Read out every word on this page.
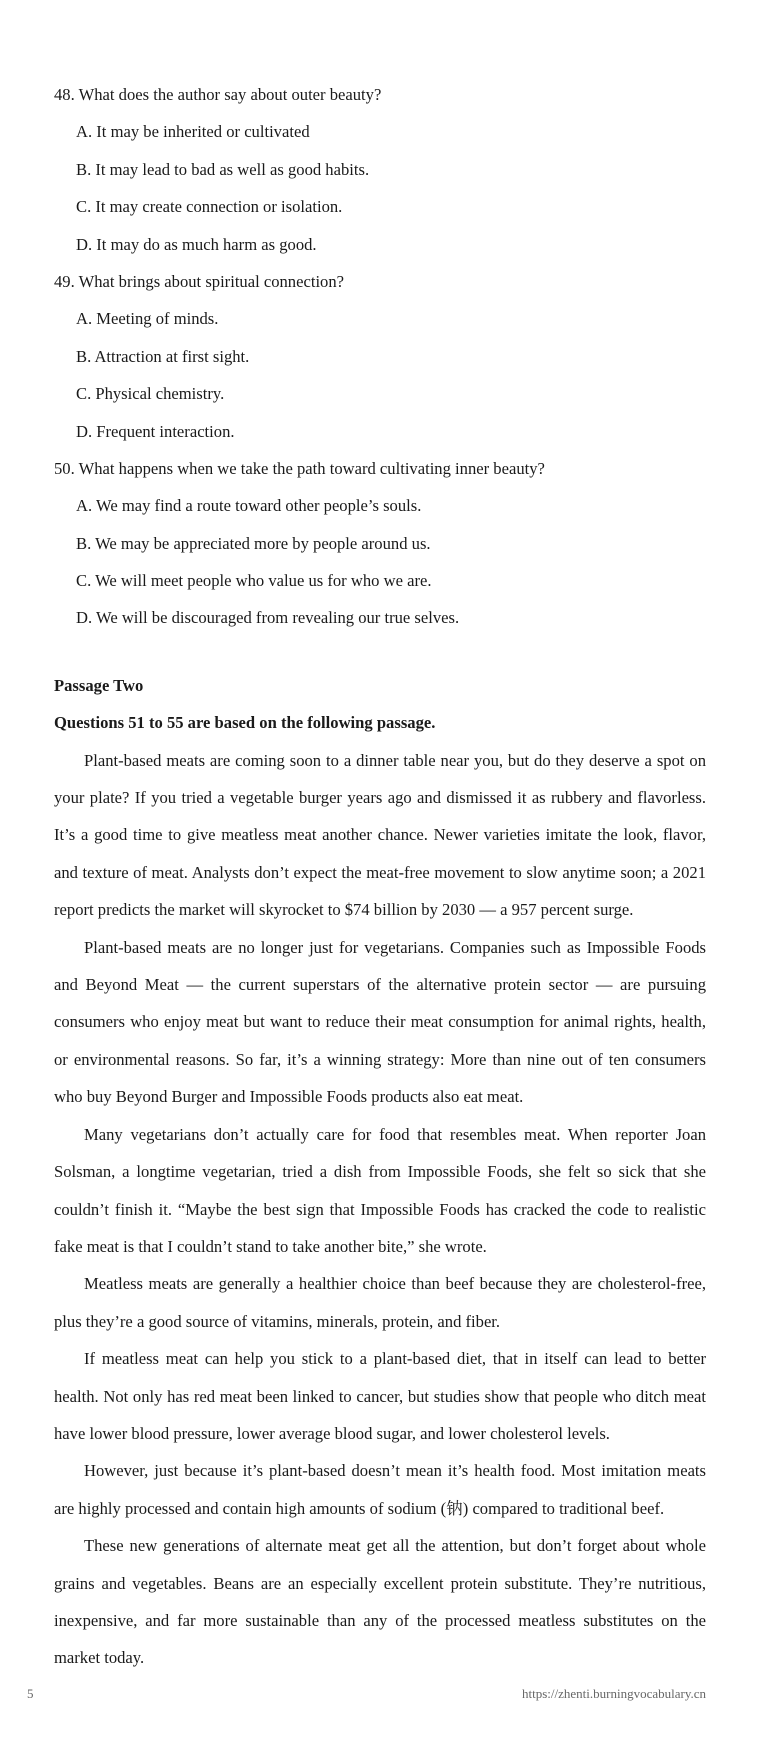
48. What does the author say about outer beauty?
A. It may be inherited or cultivated
B. It may lead to bad as well as good habits.
C. It may create connection or isolation.
D. It may do as much harm as good.
49. What brings about spiritual connection?
A. Meeting of minds.
B. Attraction at first sight.
C. Physical chemistry.
D. Frequent interaction.
50. What happens when we take the path toward cultivating inner beauty?
A. We may find a route toward other people’s souls.
B. We may be appreciated more by people around us.
C. We will meet people who value us for who we are.
D. We will be discouraged from revealing our true selves.
Passage Two
Questions 51 to 55 are based on the following passage.

Plant-based meats are coming soon to a dinner table near you, but do they deserve a spot on your plate? If you tried a vegetable burger years ago and dismissed it as rubbery and flavorless. It’s a good time to give meatless meat another chance. Newer varieties imitate the look, flavor, and texture of meat. Analysts don’t expect the meat-free movement to slow anytime soon; a 2021 report predicts the market will skyrocket to $74 billion by 2030 — a 957 percent surge.

Plant-based meats are no longer just for vegetarians. Companies such as Impossible Foods and Beyond Meat — the current superstars of the alternative protein sector — are pursuing consumers who enjoy meat but want to reduce their meat consumption for animal rights, health, or environmental reasons. So far, it’s a winning strategy: More than nine out of ten consumers who buy Beyond Burger and Impossible Foods products also eat meat.

Many vegetarians don’t actually care for food that resembles meat. When reporter Joan Solsman, a longtime vegetarian, tried a dish from Impossible Foods, she felt so sick that she couldn’t finish it. “Maybe the best sign that Impossible Foods has cracked the code to realistic fake meat is that I couldn’t stand to take another bite,” she wrote.

Meatless meats are generally a healthier choice than beef because they are cholesterol-free, plus they’re a good source of vitamins, minerals, protein, and fiber.

If meatless meat can help you stick to a plant-based diet, that in itself can lead to better health. Not only has red meat been linked to cancer, but studies show that people who ditch meat have lower blood pressure, lower average blood sugar, and lower cholesterol levels.

However, just because it’s plant-based doesn’t mean it’s health food. Most imitation meats are highly processed and contain high amounts of sodium (钠) compared to traditional beef.

These new generations of alternate meat get all the attention, but don’t forget about whole grains and vegetables. Beans are an especially excellent protein substitute. They’re nutritious, inexpensive, and far more sustainable than any of the processed meatless substitutes on the market today.

5	https://zhenti.burningvocabulary.cn
